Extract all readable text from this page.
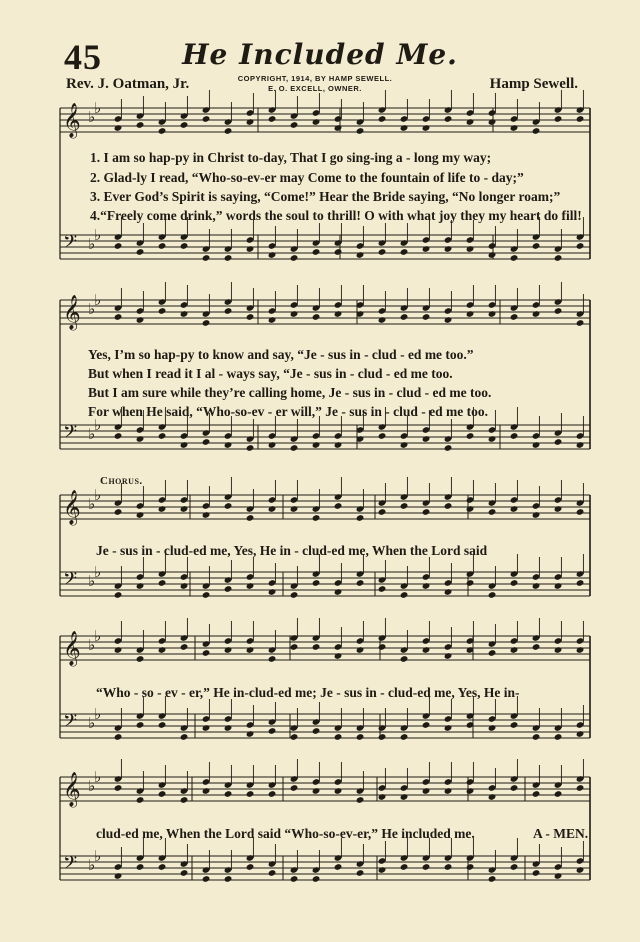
45	He Included Me.
Rev. J. Oatman, Jr.	COPYRIGHT, 1914, BY HAMP SEWELL.
E. O. EXCELL, OWNER.	Hamp Sewell.
𝄞 ♭
♭
𝄢 ♭
♭
𝄞 ♭
♭
𝄢 ♭
♭
𝄞 ♭
♭
𝄢 ♭
♭
𝄞 ♭
♭
𝄢 ♭
♭
𝄞 ♭
♭
𝄢 ♭
♭
1. I am so hap-py in Christ to-day, That I go sing-ing a - long my way;
2. Glad-ly I read, “Who-so-ev-er may Come to the fountain of life to - day;”
3. Ever God’s Spirit is saying, “Come!” Hear the Bride saying, “No longer roam;”
4.“Freely come drink,” words the soul to thrill! O with what joy they my heart do fill!
Yes, I’m so hap-py to know and say, “Je - sus in - clud - ed me too.”
But when I read it I al - ways say, “Je - sus in - clud - ed me too.
But I am sure while they’re calling home, Je - sus in - clud - ed me too.
For when He said, “Who-so-ev - er will,” Je - sus in - clud - ed me too.
Chorus.
Je - sus in - clud-ed me, Yes, He in - clud-ed me, When the Lord said
“Who - so - ev - er,” He in-clud-ed me; Je - sus in - clud-ed me, Yes, He in-
clud-ed me, When the Lord said “Who-so-ev-er,” He included me.	A - MEN.
